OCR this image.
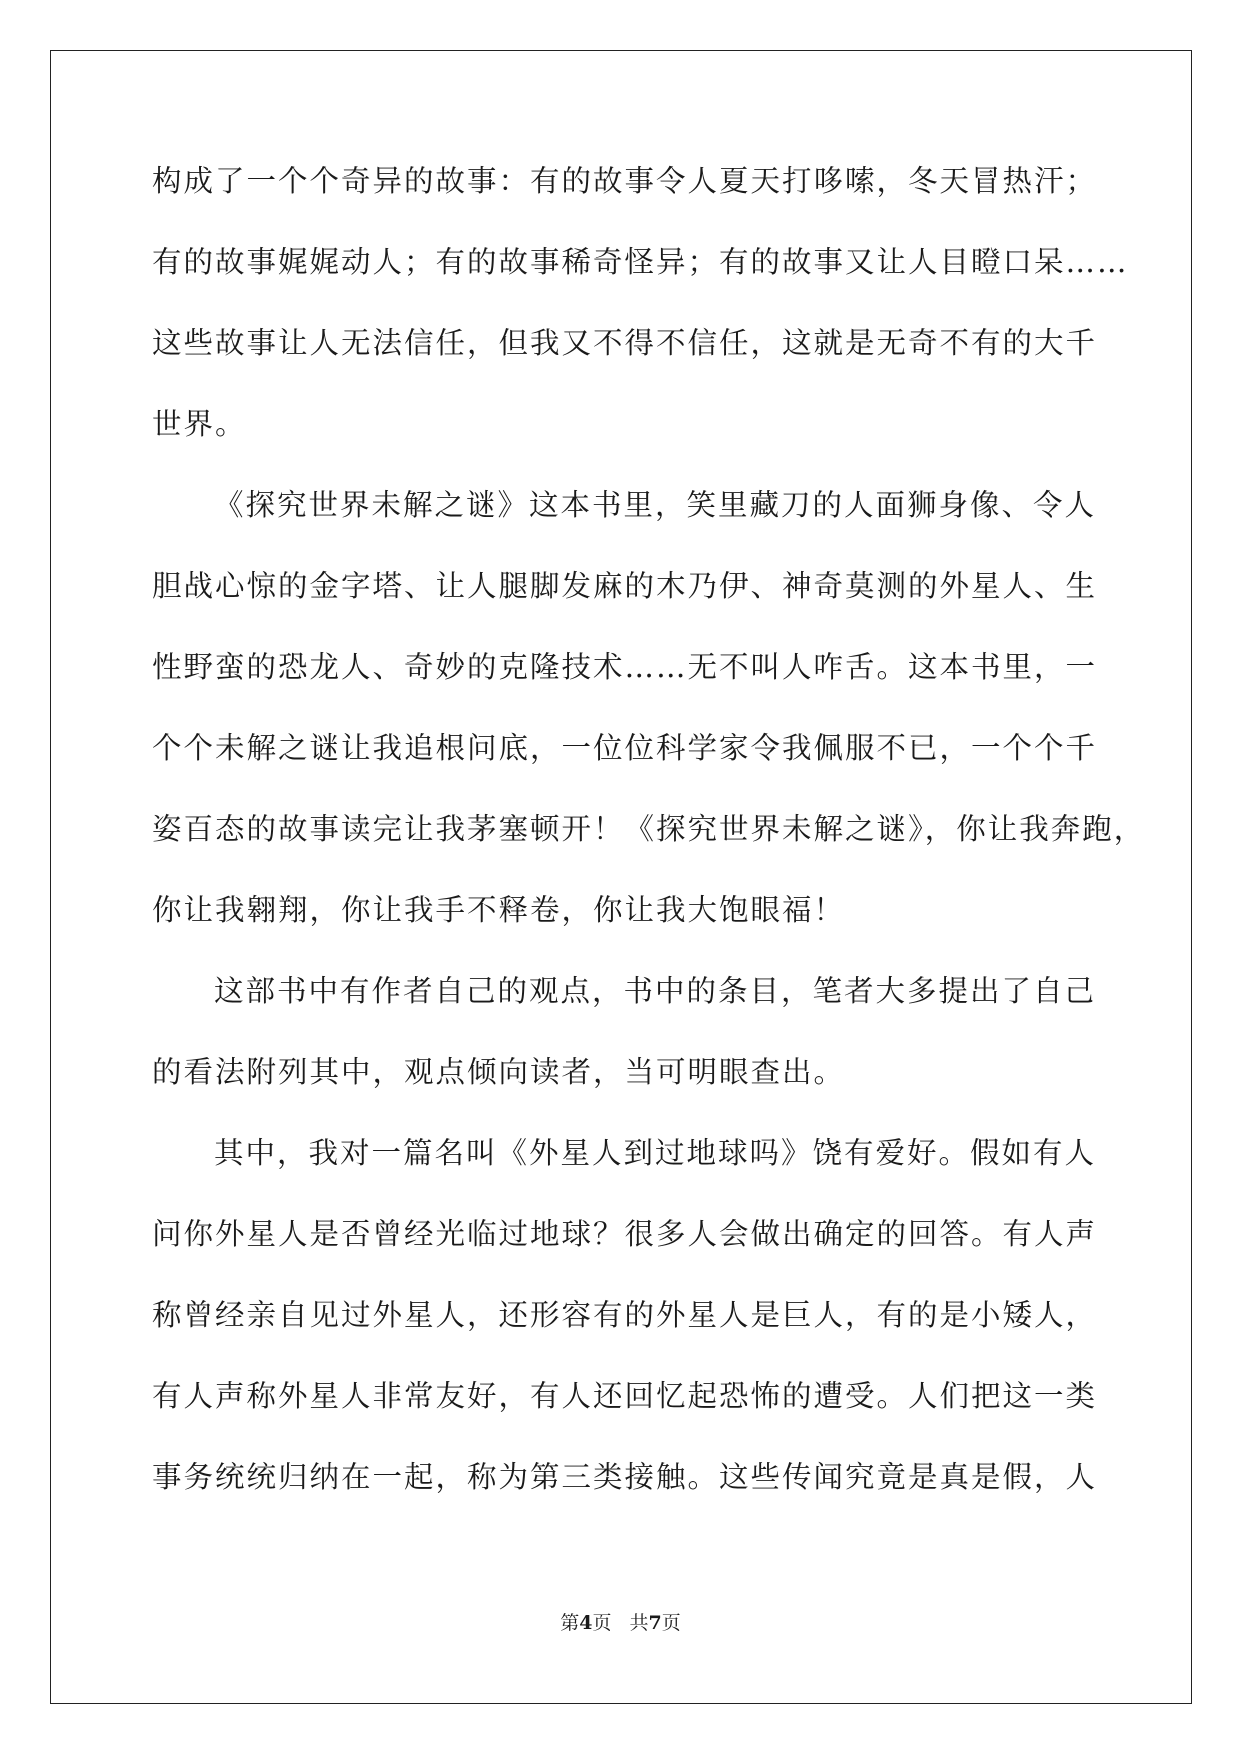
构成了一个个奇异的故事：有的故事令人夏天打哆嗦，冬天冒热汗；
有的故事娓娓动人；有的故事稀奇怪异；有的故事又让人目瞪口呆……
这些故事让人无法信任，但我又不得不信任，这就是无奇不有的大千
世界。
《探究世界未解之谜》这本书里，笑里藏刀的人面狮身像、令人
胆战心惊的金字塔、让人腿脚发麻的木乃伊、神奇莫测的外星人、生
性野蛮的恐龙人、奇妙的克隆技术……无不叫人咋舌。这本书里，一
个个未解之谜让我追根问底，一位位科学家令我佩服不已，一个个千
姿百态的故事读完让我茅塞顿开！《探究世界未解之谜》，你让我奔跑，
你让我翱翔，你让我手不释卷，你让我大饱眼福！
这部书中有作者自己的观点，书中的条目，笔者大多提出了自己
的看法附列其中，观点倾向读者，当可明眼查出。
其中，我对一篇名叫《外星人到过地球吗》饶有爱好。假如有人
问你外星人是否曾经光临过地球？很多人会做出确定的回答。有人声
称曾经亲自见过外星人，还形容有的外星人是巨人，有的是小矮人，
有人声称外星人非常友好，有人还回忆起恐怖的遭受。人们把这一类
事务统统归纳在一起，称为第三类接触。这些传闻究竟是真是假，人
第4页 共7页
